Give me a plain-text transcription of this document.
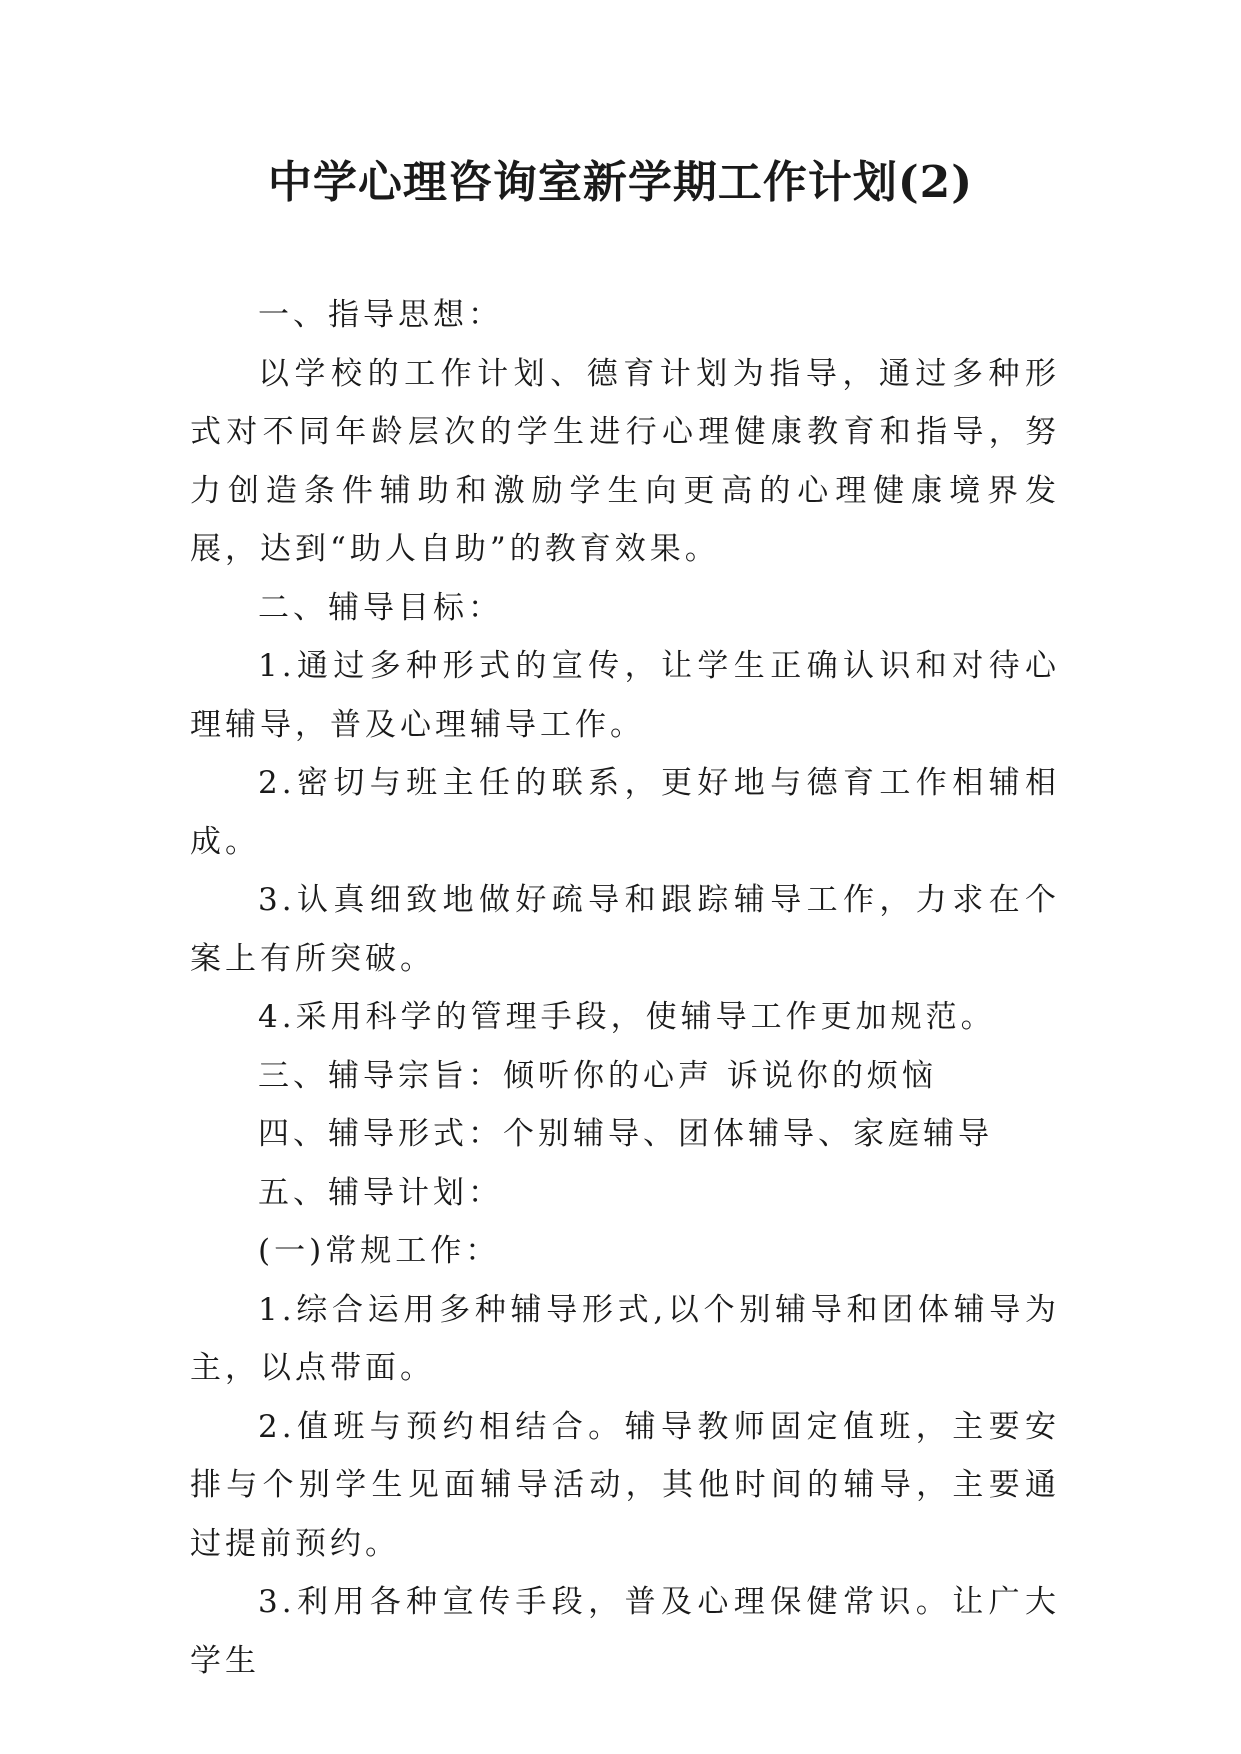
中学心理咨询室新学期工作计划(2)

一、指导思想：

以学校的工作计划、德育计划为指导，通过多种形式对不同年龄层次的学生进行心理健康教育和指导，努力创造条件辅助和激励学生向更高的心理健康境界发展，达到“助人自助”的教育效果。

二、辅导目标：

1.通过多种形式的宣传，让学生正确认识和对待心理辅导，普及心理辅导工作。

2.密切与班主任的联系，更好地与德育工作相辅相成。

3.认真细致地做好疏导和跟踪辅导工作，力求在个案上有所突破。

4.采用科学的管理手段，使辅导工作更加规范。

三、辅导宗旨：倾听你的心声 诉说你的烦恼

四、辅导形式：个别辅导、团体辅导、家庭辅导

五、辅导计划：

(一)常规工作：

1.综合运用多种辅导形式,以个别辅导和团体辅导为主，以点带面。

2.值班与预约相结合。辅导教师固定值班，主要安排与个别学生见面辅导活动，其他时间的辅导，主要通过提前预约。

3.利用各种宣传手段，普及心理保健常识。让广大学生
